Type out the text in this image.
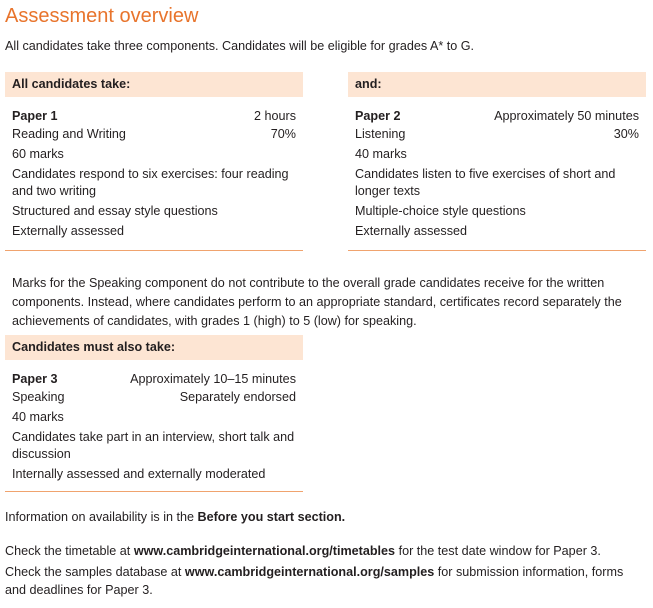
Assessment overview
All candidates take three components. Candidates will be eligible for grades A* to G.
All candidates take:
Paper 1	2 hours
Reading and Writing	70%
60 marks
Candidates respond to six exercises: four reading and two writing
Structured and essay style questions
Externally assessed
and:
Paper 2	Approximately 50 minutes
Listening	30%
40 marks
Candidates listen to five exercises of short and longer texts
Multiple-choice style questions
Externally assessed
Marks for the Speaking component do not contribute to the overall grade candidates receive for the written components. Instead, where candidates perform to an appropriate standard, certificates record separately the achievements of candidates, with grades 1 (high) to 5 (low) for speaking.
Candidates must also take:
Paper 3	Approximately 10–15 minutes
Speaking	Separately endorsed
40 marks
Candidates take part in an interview, short talk and discussion
Internally assessed and externally moderated
Information on availability is in the Before you start section.
Check the timetable at www.cambridgeinternational.org/timetables for the test date window for Paper 3.
Check the samples database at www.cambridgeinternational.org/samples for submission information, forms and deadlines for Paper 3.
